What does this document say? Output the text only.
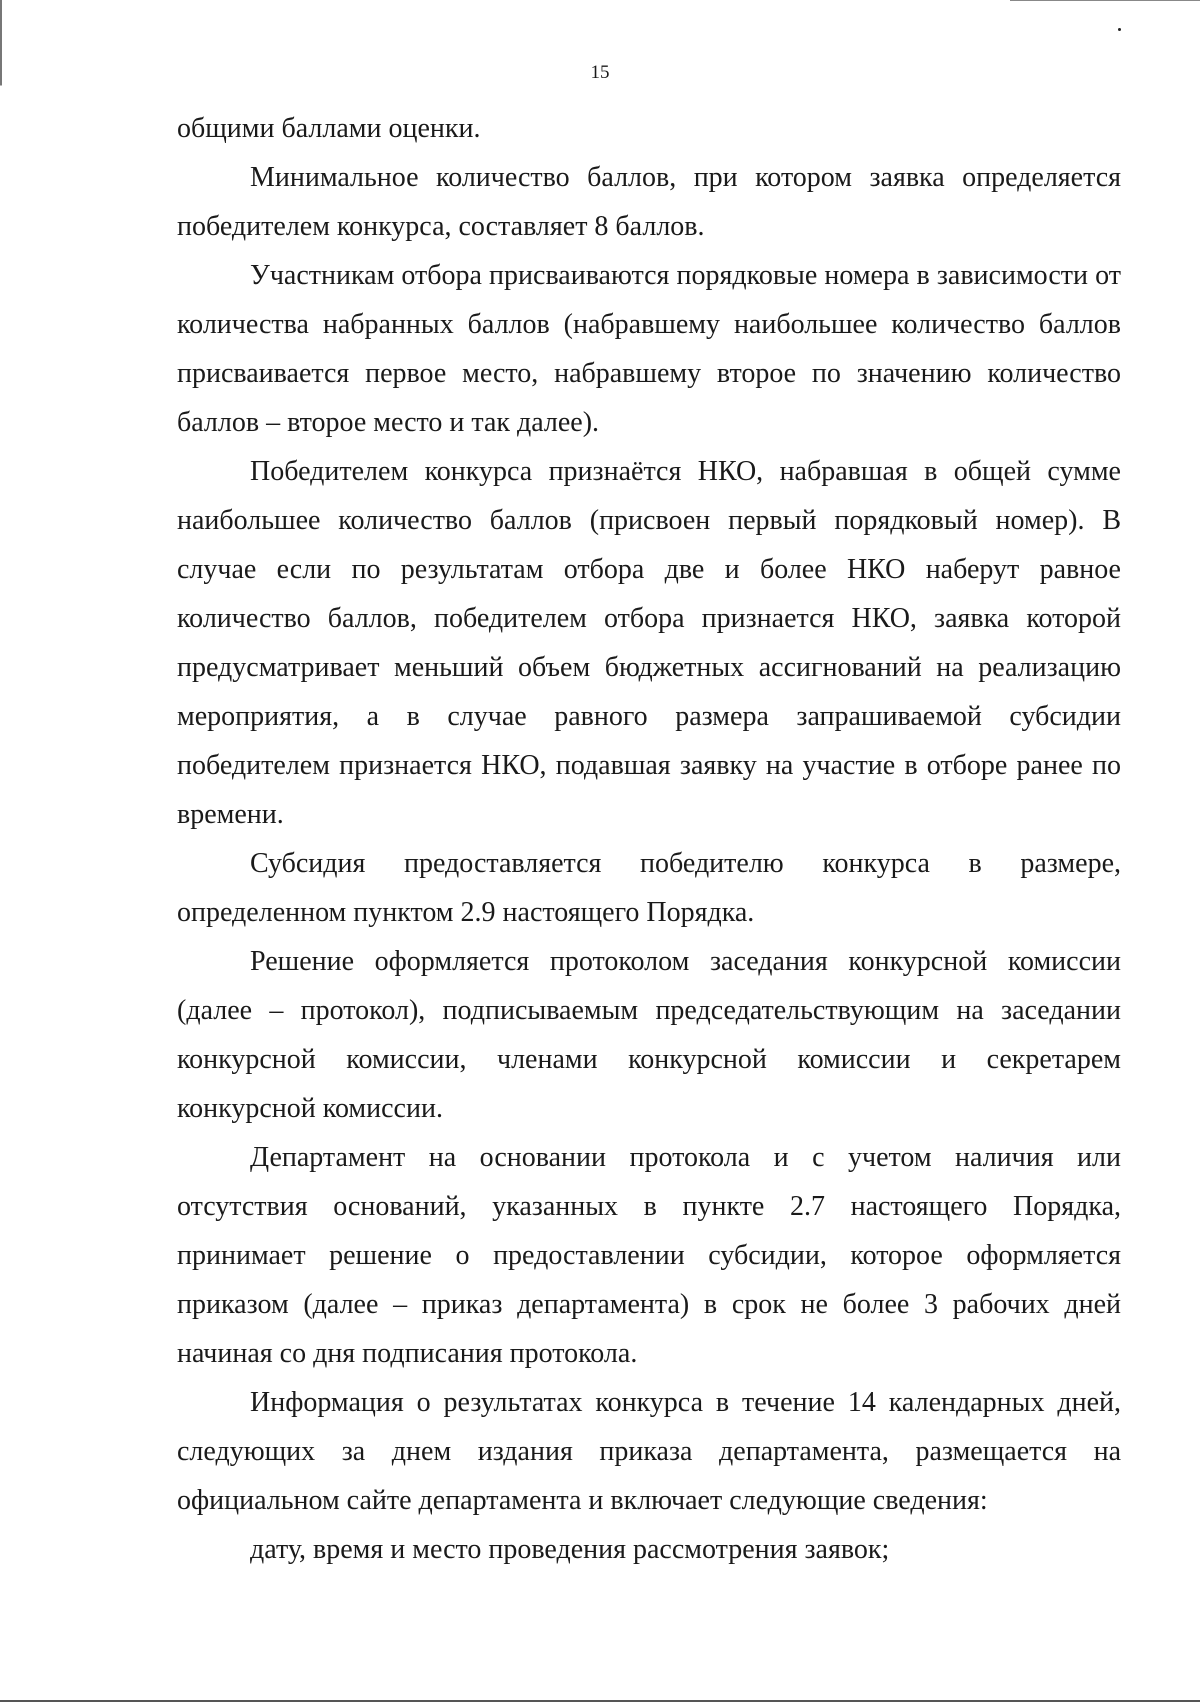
15

общими баллами оценки.

Минимальное количество баллов, при котором заявка определяется победителем конкурса, составляет 8 баллов.

Участникам отбора присваиваются порядковые номера в зависимости от количества набранных баллов (набравшему наибольшее количество баллов присваивается первое место, набравшему второе по значению количество баллов – второе место и так далее).

Победителем конкурса признаётся НКО, набравшая в общей сумме наибольшее количество баллов (присвоен первый порядковый номер). В случае если по результатам отбора две и более НКО наберут равное количество баллов, победителем отбора признается НКО, заявка которой предусматривает меньший объем бюджетных ассигнований на реализацию мероприятия, а в случае равного размера запрашиваемой субсидии победителем признается НКО, подавшая заявку на участие в отборе ранее по времени.

Субсидия предоставляется победителю конкурса в размере, определенном пунктом 2.9 настоящего Порядка.

Решение оформляется протоколом заседания конкурсной комиссии (далее – протокол), подписываемым председательствующим на заседании конкурсной комиссии, членами конкурсной комиссии и секретарем конкурсной комиссии.

Департамент на основании протокола и с учетом наличия или отсутствия оснований, указанных в пункте 2.7 настоящего Порядка, принимает решение о предоставлении субсидии, которое оформляется приказом (далее – приказ департамента) в срок не более 3 рабочих дней начиная со дня подписания протокола.

Информация о результатах конкурса в течение 14 календарных дней, следующих за днем издания приказа департамента, размещается на официальном сайте департамента и включает следующие сведения:

дату, время и место проведения рассмотрения заявок;
